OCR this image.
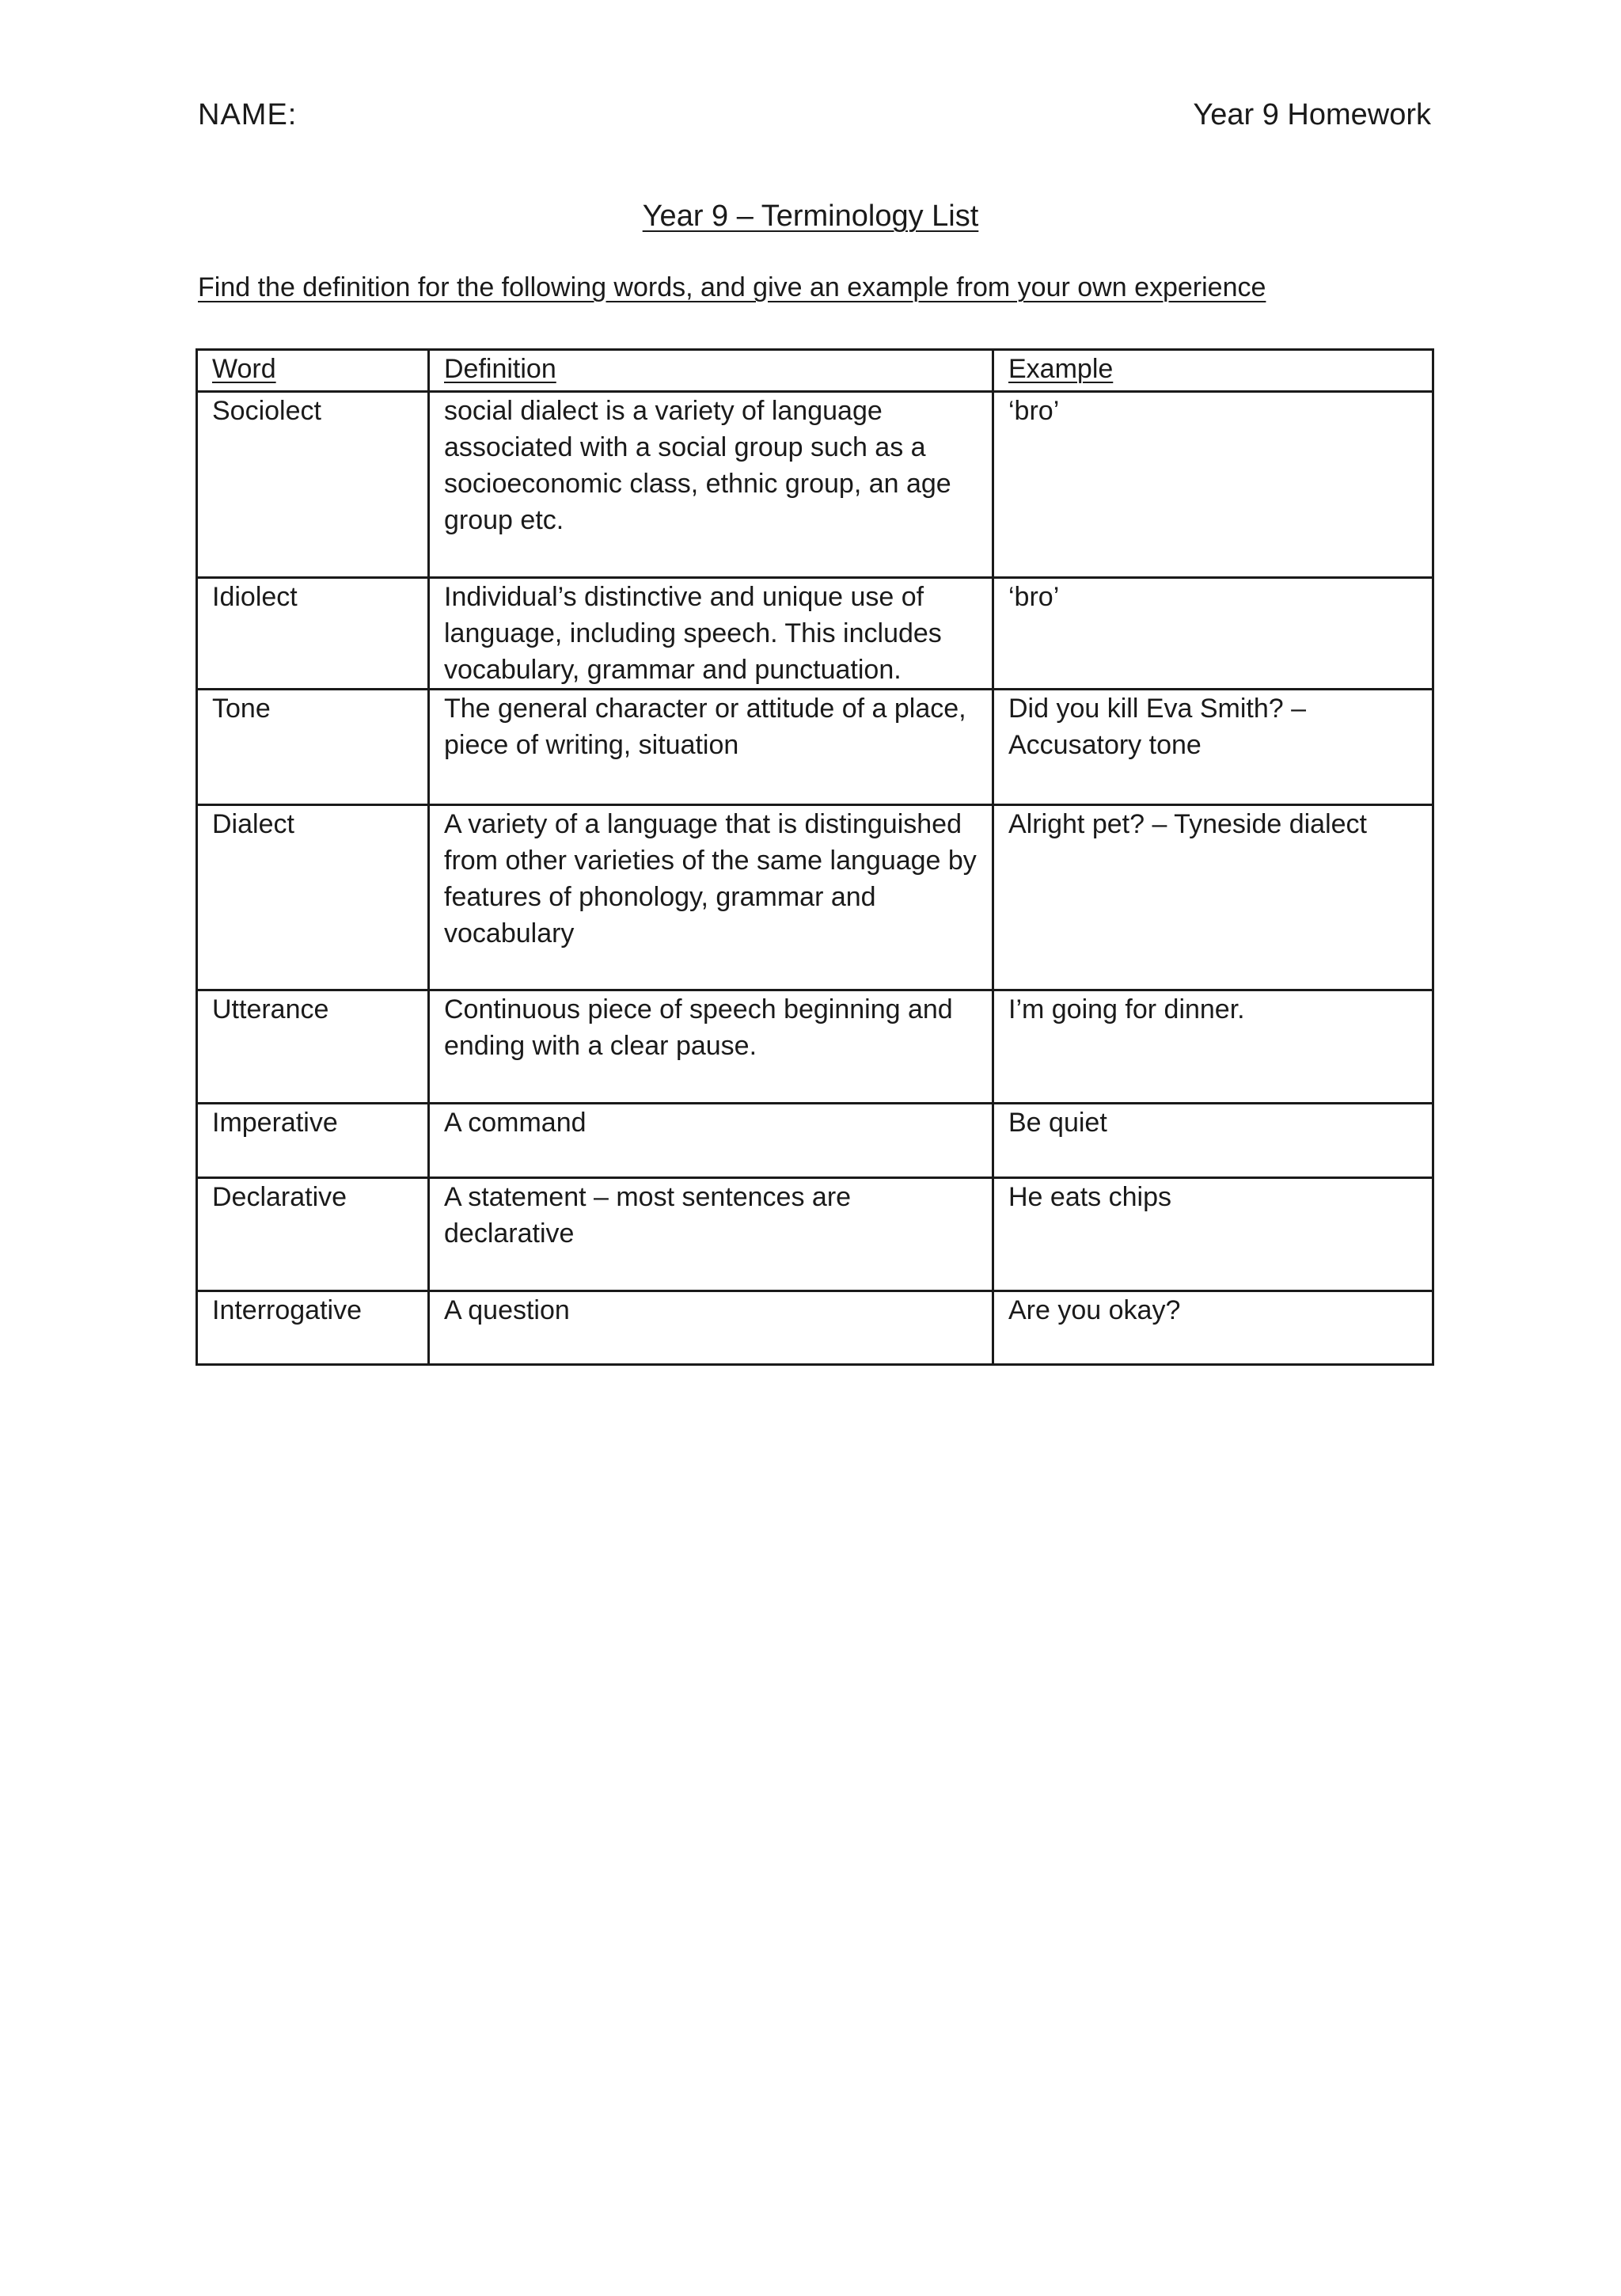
NAME:	Year 9 Homework
Year 9 – Terminology List
Find the definition for the following words, and give an example from your own experience
Word	Definition	Example
Sociolect	social dialect is a variety of language associated with a social group such as a socioeconomic class, ethnic group, an age group etc.	‘bro’
Idiolect	Individual’s distinctive and unique use of language, including speech. This includes vocabulary, grammar and punctuation.	‘bro’
Tone	The general character or attitude of a place, piece of writing, situation	Did you kill Eva Smith? – Accusatory tone
Dialect	A variety of a language that is distinguished from other varieties of the same language by features of phonology, grammar and vocabulary	Alright pet? – Tyneside dialect
Utterance	Continuous piece of speech beginning and ending with a clear pause.	I’m going for dinner.
Imperative	A command	Be quiet
Declarative	A statement – most sentences are declarative	He eats chips
Interrogative	A question	Are you okay?
